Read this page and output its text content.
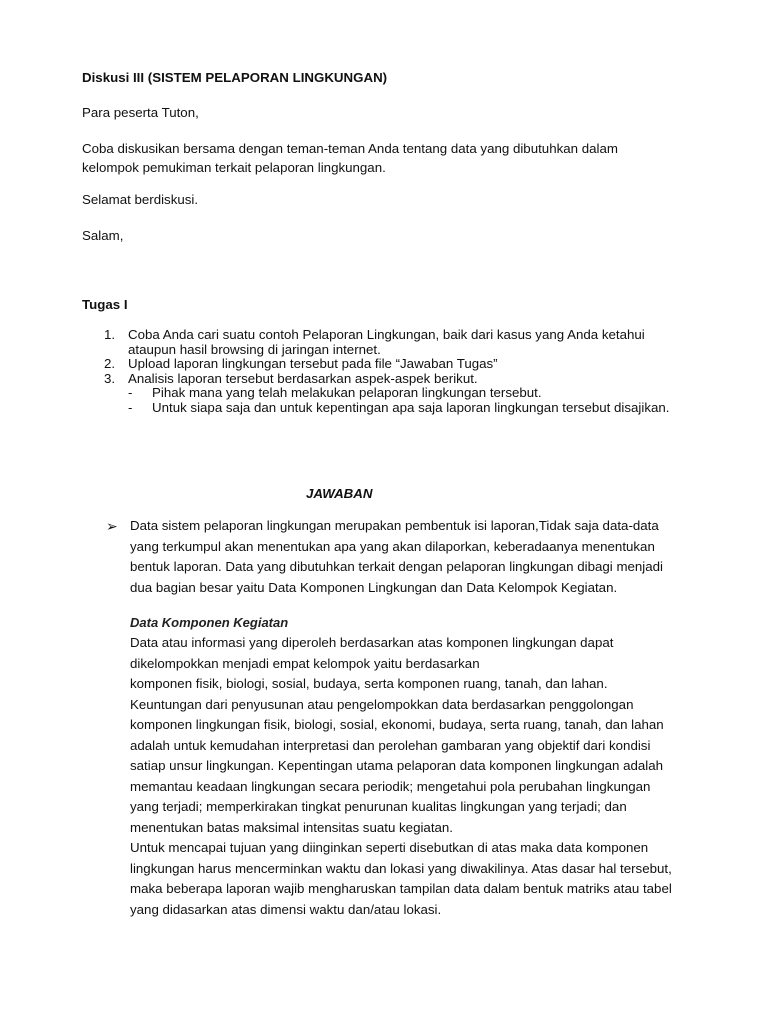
Diskusi III (SISTEM PELAPORAN LINGKUNGAN)
Para peserta Tuton,
Coba diskusikan bersama dengan teman-teman Anda tentang data yang dibutuhkan dalam
kelompok pemukiman terkait pelaporan lingkungan.
Selamat berdiskusi.
Salam,
Tugas I
1. Coba Anda cari suatu contoh Pelaporan Lingkungan, baik dari kasus yang Anda ketahui
ataupun hasil browsing di jaringan internet.
2. Upload laporan lingkungan tersebut pada file “Jawaban Tugas”
3. Analisis laporan tersebut berdasarkan aspek-aspek berikut.
- Pihak mana yang telah melakukan pelaporan lingkungan tersebut.
- Untuk siapa saja dan untuk kepentingan apa saja laporan lingkungan tersebut disajikan.
JAWABAN
➢ Data sistem pelaporan lingkungan merupakan pembentuk isi laporan,Tidak saja data-data
yang terkumpul akan menentukan apa yang akan dilaporkan, keberadaanya menentukan
bentuk laporan. Data yang dibutuhkan terkait dengan pelaporan lingkungan dibagi menjadi
dua bagian besar yaitu Data Komponen Lingkungan dan Data Kelompok Kegiatan.
Data Komponen Kegiatan
Data atau informasi yang diperoleh berdasarkan atas komponen lingkungan dapat
dikelompokkan menjadi empat kelompok yaitu berdasarkan
komponen fisik, biologi, sosial, budaya, serta komponen ruang, tanah, dan lahan.
Keuntungan dari penyusunan atau pengelompokkan data berdasarkan penggolongan
komponen lingkungan fisik, biologi, sosial, ekonomi, budaya, serta ruang, tanah, dan lahan
adalah untuk kemudahan interpretasi dan perolehan gambaran yang objektif dari kondisi
satiap unsur lingkungan. Kepentingan utama pelaporan data komponen lingkungan adalah
memantau keadaan lingkungan secara periodik; mengetahui pola perubahan lingkungan
yang terjadi; memperkirakan tingkat penurunan kualitas lingkungan yang terjadi; dan
menentukan batas maksimal intensitas suatu kegiatan.
Untuk mencapai tujuan yang diinginkan seperti disebutkan di atas maka data komponen
lingkungan harus mencerminkan waktu dan lokasi yang diwakilinya. Atas dasar hal tersebut,
maka beberapa laporan wajib mengharuskan tampilan data dalam bentuk matriks atau tabel
yang didasarkan atas dimensi waktu dan/atau lokasi.
